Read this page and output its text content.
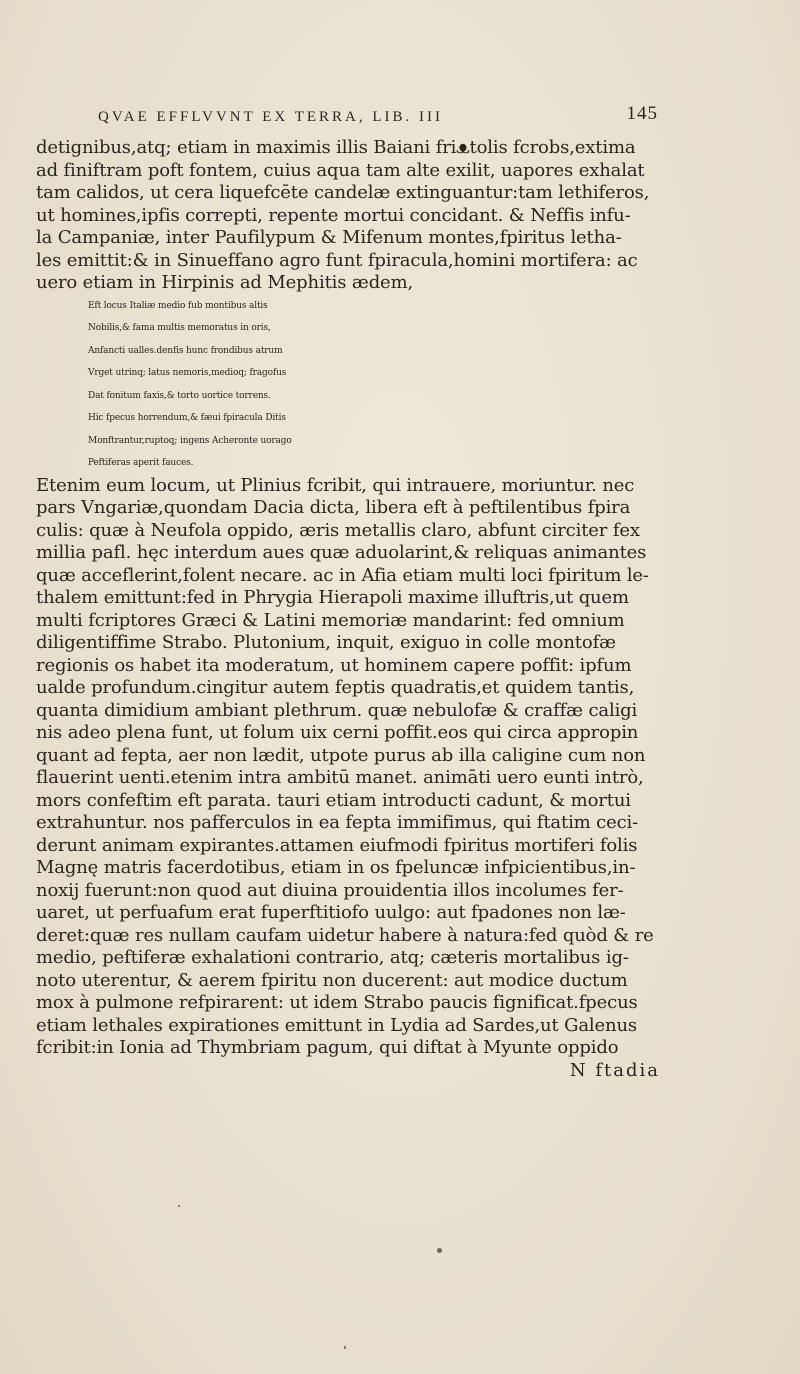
QVAE EFFLVVNT EX TERRA, LIB. III	145
detignibus,atq; etiam in maximis illis Baiani friᴥtolis fcrobs,extima
ad finiftram poft fontem, cuius aqua tam alte exilit, uapores exhalat
tam calidos, ut cera liquefcēte candelæ extinguantur:tam lethiferos,
ut homines,ipfis correpti, repente mortui concidant. & Neffis infu-
la Campaniæ, inter Paufilypum & Mifenum montes,fpiritus letha-
les emittit:& in Sinueffano agro funt fpiracula,homini mortifera: ac
uero etiam in Hirpinis ad Mephitis ædem,
Eft locus Italiæ medio fub montibus altis
Nobilis,& fama multis memoratus in oris,
Anfancti ualles.denfis hunc frondibus atrum
Vrget utrinq; latus nemoris,medioq; fragofus
Dat fonitum faxis,& torto uortice torrens.
Hic fpecus horrendum,& fæui fpiracula Ditis
Monftrantur,ruptoq; ingens Acheronte uorago
Peftiferas aperit fauces.
Etenim eum locum, ut Plinius fcribit, qui intrauere, moriuntur. nec
pars Vngariæ,quondam Dacia dicta, libera eft à peftilentibus fpira
culis: quæ à Neufola oppido, æris metallis claro, abfunt circiter fex
millia pafl. hęc interdum aues quæ aduolarint,& reliquas animantes
quæ acceflerint,folent necare. ac in Afia etiam multi loci fpiritum le-
thalem emittunt:fed in Phrygia Hierapoli maxime illuftris,ut quem
multi fcriptores Græci & Latini memoriæ mandarint: fed omnium
diligentiffime Strabo. Plutonium, inquit, exiguo in colle montofæ
regionis os habet ita moderatum, ut hominem capere poffit: ipfum
ualde profundum.cingitur autem feptis quadratis,et quidem tantis,
quanta dimidium ambiant plethrum. quæ nebulofæ & craffæ caligi
nis adeo plena funt, ut folum uix cerni poffit.eos qui circa appropin
quant ad fepta, aer non lædit, utpote purus ab illa caligine cum non
flauerint uenti.etenim intra ambitū manet. animāti uero eunti intrò,
mors confeftim eft parata. tauri etiam introducti cadunt, & mortui
extrahuntur. nos pafferculos in ea fepta immifimus, qui ftatim ceci-
derunt animam expirantes.attamen eiufmodi fpiritus mortiferi folis
Magnę matris facerdotibus, etiam in os fpeluncæ infpicientibus,in-
noxij fuerunt:non quod aut diuina prouidentia illos incolumes fer-
uaret, ut perfuafum erat fuperftitiofo uulgo: aut fpadones non læ-
deret:quæ res nullam caufam uidetur habere à natura:fed quòd & re
medio, peftiferæ exhalationi contrario, atq; cæteris mortalibus ig-
noto uterentur, & aerem fpiritu non ducerent: aut modice ductum
mox à pulmone refpirarent: ut idem Strabo paucis fignificat.fpecus
etiam lethales expirationes emittunt in Lydia ad Sardes,ut Galenus
fcribit:in Ionia ad Thymbriam pagum, qui diftat à Myunte oppido
N ftadia
